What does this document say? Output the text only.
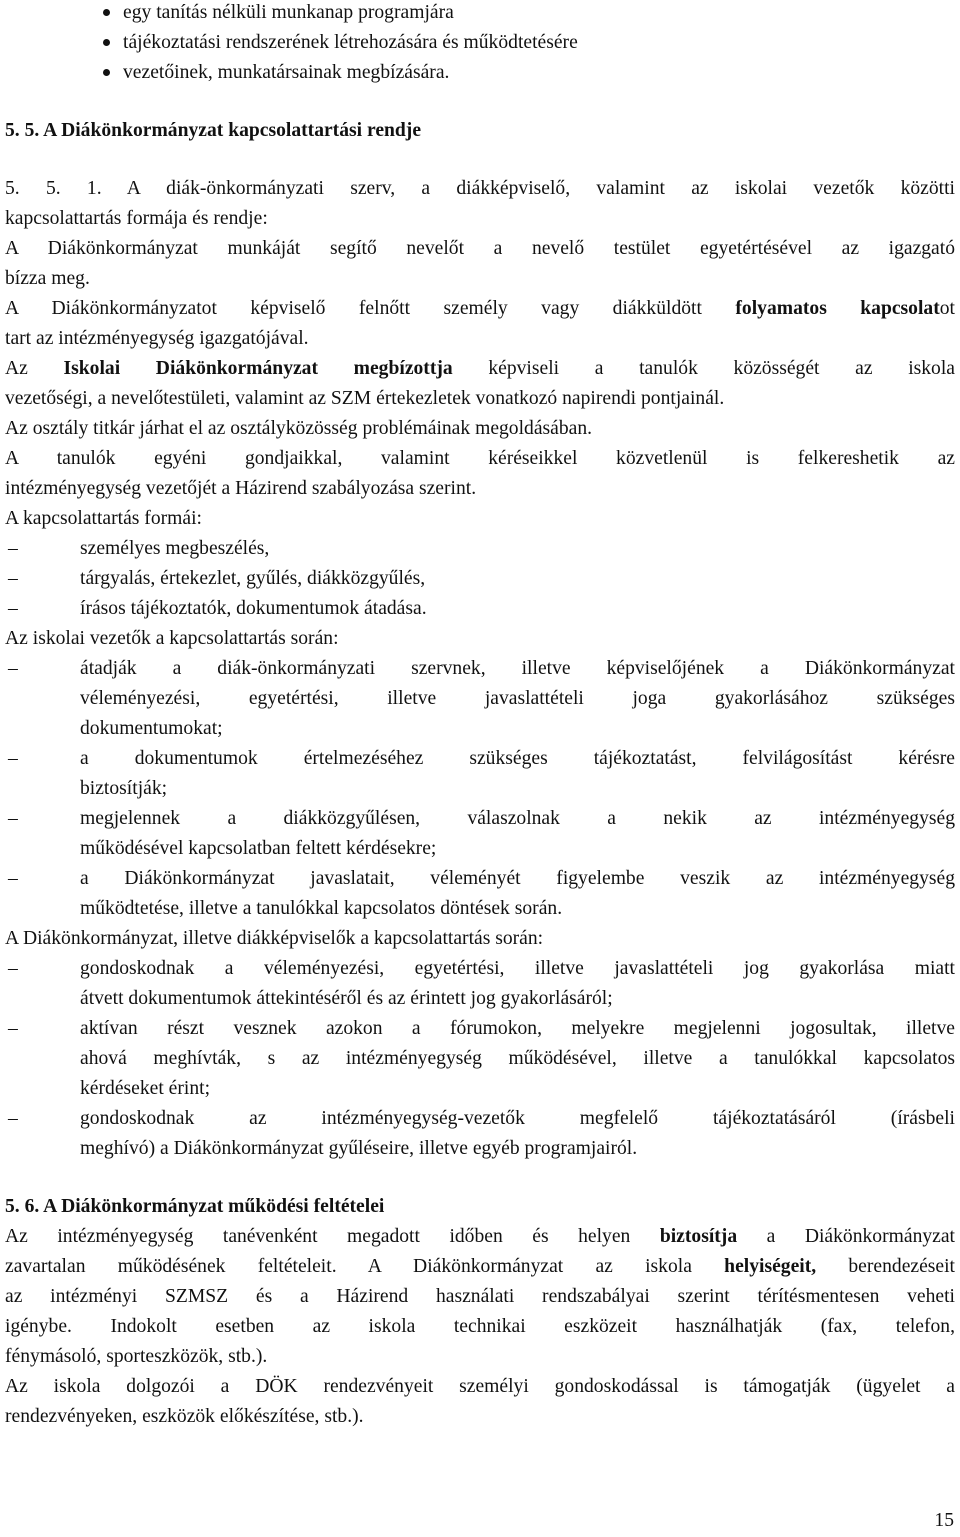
egy tanítás nélküli munkanap programjára
tájékoztatási rendszerének létrehozására és működtetésére
vezetőinek, munkatársainak megbízására.
5. 5. A Diákönkormányzat kapcsolattartási rendje
5. 5. 1. A diák-önkormányzati szerv, a diákképviselő, valamint az iskolai vezetők közötti
kapcsolattartás formája és rendje:
A Diákönkormányzat munkáját segítő nevelőt a nevelő testület egyetértésével az igazgató
bízza meg.
A Diákönkormányzatot képviselő felnőtt személy vagy diákküldött folyamatos kapcsolatot
tart az intézményegység igazgatójával.
Az Iskolai Diákönkormányzat megbízottja képviseli a tanulók közösségét az iskola
vezetőségi, a nevelőtestületi, valamint az SZM értekezletek vonatkozó napirendi pontjainál.
Az osztály titkár járhat el az osztályközösség problémáinak megoldásában.
A tanulók egyéni gondjaikkal, valamint kéréseikkel közvetlenül is felkereshetik az
intézményegység vezetőjét a Házirend szabályozása szerint.
A kapcsolattartás formái:
–	személyes megbeszélés,
–	tárgyalás, értekezlet, gyűlés, diákközgyűlés,
–	írásos tájékoztatók, dokumentumok átadása.
Az iskolai vezetők a kapcsolattartás során:
–	átadják a diák-önkormányzati szervnek, illetve képviselőjének a Diákönkormányzat
véleményezési, egyetértési, illetve javaslattételi joga gyakorlásához szükséges
dokumentumokat;
–	a dokumentumok értelmezéséhez szükséges tájékoztatást, felvilágosítást kérésre
biztosítják;
–	megjelennek a diákközgyűlésen, válaszolnak a nekik az intézményegység
működésével kapcsolatban feltett kérdésekre;
–	a Diákönkormányzat javaslatait, véleményét figyelembe veszik az intézményegység
működtetése, illetve a tanulókkal kapcsolatos döntések során.
A Diákönkormányzat, illetve diákképviselők a kapcsolattartás során:
–	gondoskodnak a véleményezési, egyetértési, illetve javaslattételi jog gyakorlása miatt
átvett dokumentumok áttekintéséről és az érintett jog gyakorlásáról;
–	aktívan részt vesznek azokon a fórumokon, melyekre megjelenni jogosultak, illetve
ahová meghívták, s az intézményegység működésével, illetve a tanulókkal kapcsolatos
kérdéseket érint;
–	gondoskodnak az intézményegység-vezetők megfelelő tájékoztatásáról (írásbeli
meghívó) a Diákönkormányzat gyűléseire, illetve egyéb programjairól.
5. 6. A Diákönkormányzat működési feltételei
Az intézményegység tanévenként megadott időben és helyen biztosítja a Diákönkormányzat
zavartalan működésének feltételeit. A Diákönkormányzat az iskola helyiségeit, berendezéseit
az intézményi SZMSZ és a Házirend használati rendszabályai szerint térítésmentesen veheti
igénybe. Indokolt esetben az iskola technikai eszközeit használhatják (fax, telefon,
fénymásoló, sporteszközök, stb.).
Az iskola dolgozói a DÖK rendezvényeit személyi gondoskodással is támogatják (ügyelet a
rendezvényeken, eszközök előkészítése, stb.).
15
